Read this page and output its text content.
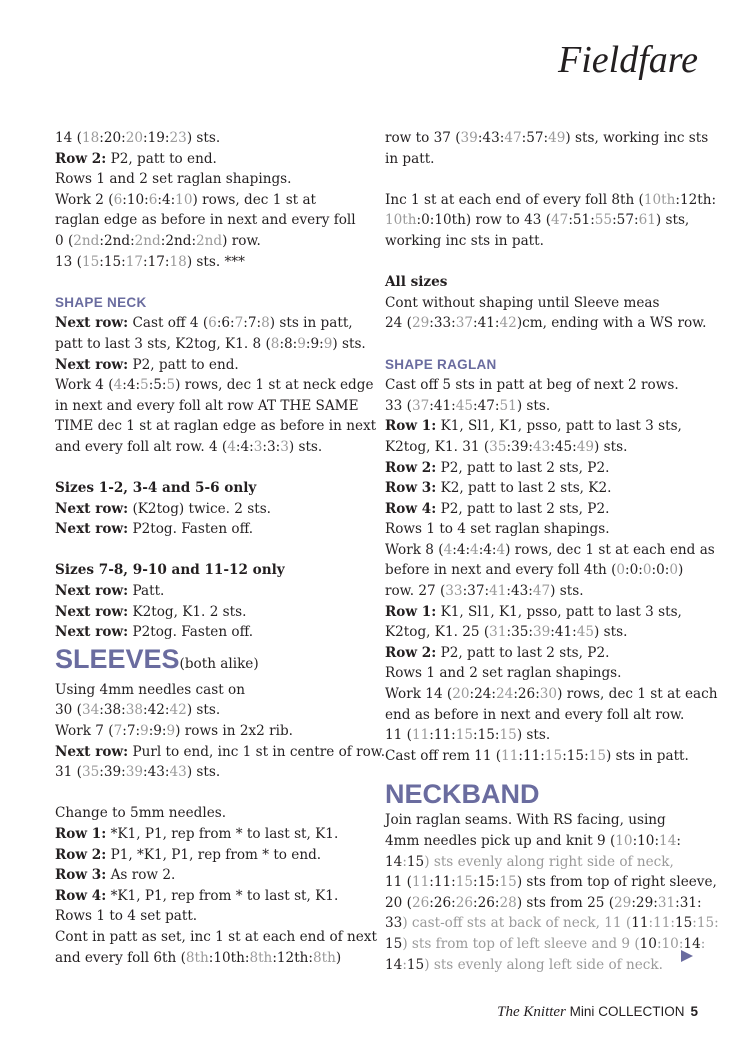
Fieldfare
14 (18:20:20:19:23) sts.
Row 2: P2, patt to end.
Rows 1 and 2 set raglan shapings.
Work 2 (6:10:6:4:10) rows, dec 1 st at
raglan edge as before in next and every foll
0 (2nd:2nd:2nd:2nd:2nd) row.
13 (15:15:17:17:18) sts. ***
SHAPE NECK
Next row: Cast off 4 (6:6:7:7:8) sts in patt,
patt to last 3 sts, K2tog, K1. 8 (8:8:9:9:9) sts.
Next row: P2, patt to end.
Work 4 (4:4:5:5:5) rows, dec 1 st at neck edge
in next and every foll alt row AT THE SAME
TIME dec 1 st at raglan edge as before in next
and every foll alt row. 4 (4:4:3:3:3) sts.
Sizes 1-2, 3-4 and 5-6 only
Next row: (K2tog) twice. 2 sts.
Next row: P2tog. Fasten off.
Sizes 7-8, 9-10 and 11-12 only
Next row: Patt.
Next row: K2tog, K1. 2 sts.
Next row: P2tog. Fasten off.
SLEEVES(both alike)
Using 4mm needles cast on
30 (34:38:38:42:42) sts.
Work 7 (7:7:9:9:9) rows in 2x2 rib.
Next row: Purl to end, inc 1 st in centre of row.
31 (35:39:39:43:43) sts.
Change to 5mm needles.
Row 1: *K1, P1, rep from * to last st, K1.
Row 2: P1, *K1, P1, rep from * to end.
Row 3: As row 2.
Row 4: *K1, P1, rep from * to last st, K1.
Rows 1 to 4 set patt.
Cont in patt as set, inc 1 st at each end of next
and every foll 6th (8th:10th:8th:12th:8th)
row to 37 (39:43:47:57:49) sts, working inc sts
in patt.
Inc 1 st at each end of every foll 8th (10th:12th:
10th:0:10th) row to 43 (47:51:55:57:61) sts,
working inc sts in patt.
All sizes
Cont without shaping until Sleeve meas
24 (29:33:37:41:42)cm, ending with a WS row.
SHAPE RAGLAN
Cast off 5 sts in patt at beg of next 2 rows.
33 (37:41:45:47:51) sts.
Row 1: K1, Sl1, K1, psso, patt to last 3 sts,
K2tog, K1. 31 (35:39:43:45:49) sts.
Row 2: P2, patt to last 2 sts, P2.
Row 3: K2, patt to last 2 sts, K2.
Row 4: P2, patt to last 2 sts, P2.
Rows 1 to 4 set raglan shapings.
Work 8 (4:4:4:4:4) rows, dec 1 st at each end as
before in next and every foll 4th (0:0:0:0:0)
row. 27 (33:37:41:43:47) sts.
Row 1: K1, Sl1, K1, psso, patt to last 3 sts,
K2tog, K1. 25 (31:35:39:41:45) sts.
Row 2: P2, patt to last 2 sts, P2.
Rows 1 and 2 set raglan shapings.
Work 14 (20:24:24:26:30) rows, dec 1 st at each
end as before in next and every foll alt row.
11 (11:11:15:15:15) sts.
Cast off rem 11 (11:11:15:15:15) sts in patt.
NECKBAND
Join raglan seams. With RS facing, using
4mm needles pick up and knit 9 (10:10:14:
14:15) sts evenly along right side of neck,
11 (11:11:15:15:15) sts from top of right sleeve,
20 (26:26:26:26:28) sts from 25 (29:29:31:31:
33) cast-off sts at back of neck, 11 (11:11:15:15:
15) sts from top of left sleeve and 9 (10:10:14:
14:15) sts evenly along left side of neck.
The Knitter Mini COLLECTION 5
